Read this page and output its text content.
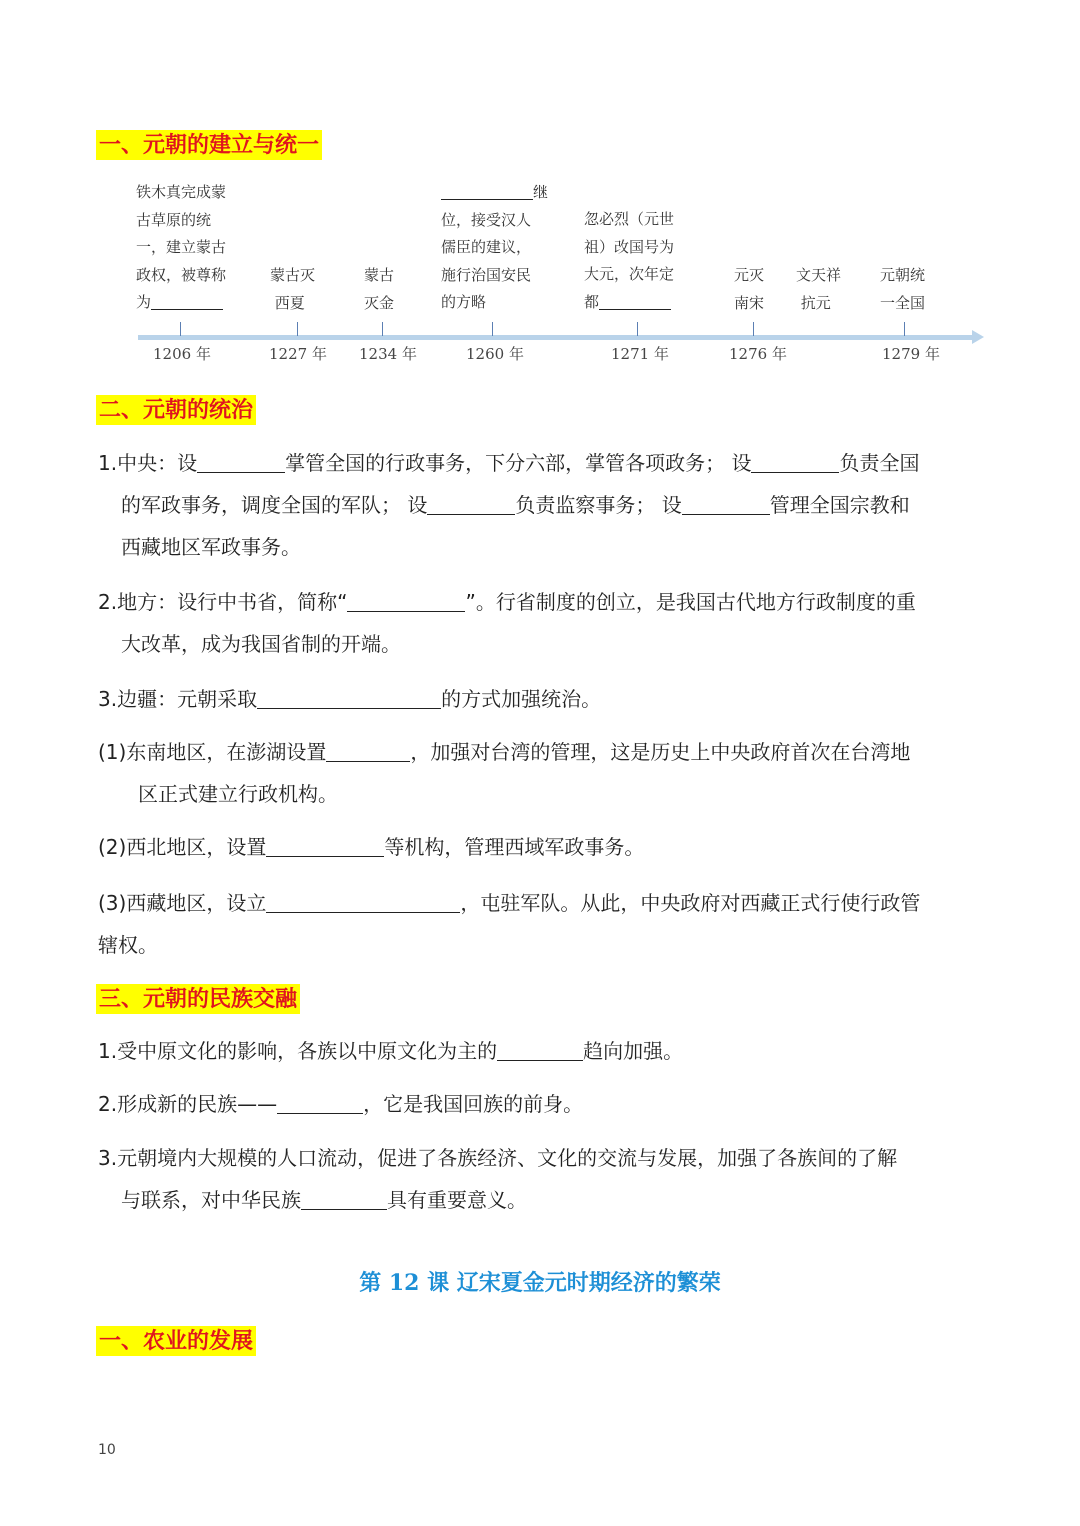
一、元朝的建立与统一
铁木真完成蒙
古草原的统
一，建立蒙古
政权，被尊称
为
蒙古灭
西夏
蒙古
灭金
继
位，接受汉人
儒臣的建议，
施行治国安民
的方略
忽必烈（元世
祖）改国号为
大元，次年定
都
元灭
南宋
文天祥
抗元
元朝统
一全国
1206 年	1227 年 1234 年	1260 年	1271 年	1276 年	1279 年
二、元朝的统治
1.中央：设	掌管全国的行政事务，下分六部，掌管各项政务； 设	负责全国
的军政事务，调度全国的军队； 设	负责监察事务； 设	管理全国宗教和
西藏地区军政事务。
2.地方：设行中书省，简称“	”。行省制度的创立，是我国古代地方行政制度的重
大改革，成为我国省制的开端。
3.边疆：元朝采取	的方式加强统治。
(1)东南地区，在澎湖设置	，加强对台湾的管理，这是历史上中央政府首次在台湾地
区正式建立行政机构。
(2)西北地区，设置	等机构，管理西域军政事务。
(3)西藏地区，设立	，屯驻军队。从此，中央政府对西藏正式行使行政管
辖权。
三、元朝的民族交融
1.受中原文化的影响，各族以中原文化为主的	趋向加强。
2.形成新的民族——	，它是我国回族的前身。
3.元朝境内大规模的人口流动，促进了各族经济、文化的交流与发展，加强了各族间的了解
与联系，对中华民族	具有重要意义。
第 12 课 辽宋夏金元时期经济的繁荣
一、农业的发展
10
